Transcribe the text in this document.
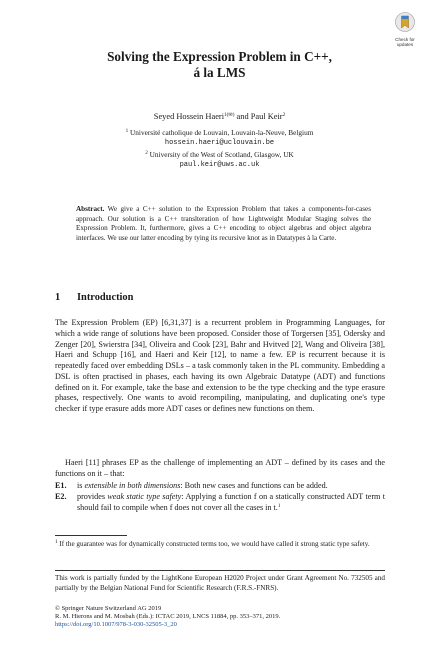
Check for
updates
Solving the Expression Problem in C++,
á la LMS
Seyed Hossein Haeri$^{1(✉)}$ and Paul Keir$^2$
$^1$ Université catholique de Louvain, Louvain-la-Neuve, Belgium
hossein.haeri@uclouvain.be
$^2$ University of the West of Scotland, Glasgow, UK
paul.keir@uws.ac.uk
Abstract. We give a C++ solution to the Expression Problem that takes a components-for-cases approach. Our solution is a C++ translteration of how Lightweight Modular Staging solves the Expression Problem. It, furthermore, gives a C++ encoding to object algebras and object algebra interfaces. We use our latter encoding by tying its recursive knot as in Datatypes à la Carte.
1 Introduction
The Expression Problem (EP) [6,31,37] is a recurrent problem in Programming Languages, for which a wide range of solutions have been proposed. Consider those of Torgersen [35], Odersky and Zenger [20], Swierstra [34], Oliveira and Cook [23], Bahr and Hvitved [2], Wang and Oliveira [38], Haeri and Schupp [16], and Haeri and Keir [12], to name a few. EP is recurrent because it is repeatedly faced over embedding DSLs – a task commonly taken in the PL community. Embedding a DSL is often practised in phases, each having its own Algebraic Datatype (ADT) and functions defined on it. For example, take the base and extension to be the type checking and the type erasure phases, respectively. One wants to avoid recompiling, manipulating, and duplicating one's type checker if type erasure adds more ADT cases or defines new functions on them.
Haeri [11] phrases EP as the challenge of implementing an ADT – defined by its cases and the functions on it – that:
E1. is extensible in both dimensions: Both new cases and functions can be added.
E2. provides weak static type safety: Applying a function f on a statically constructed ADT term t should fail to compile when f does not cover all the cases in t.$^1$
$^1$ If the guarantee was for dynamically constructed terms too, we would have called it strong static type safety.
This work is partially funded by the LightKone European H2020 Project under Grant Agreement No. 732505 and partially by the Belgian National Fund for Scientific Research (F.R.S.-FNRS).
© Springer Nature Switzerland AG 2019
R. M. Hierons and M. Mosbah (Eds.): ICTAC 2019, LNCS 11884, pp. 353–371, 2019.
https://doi.org/10.1007/978-3-030-32505-3_20
